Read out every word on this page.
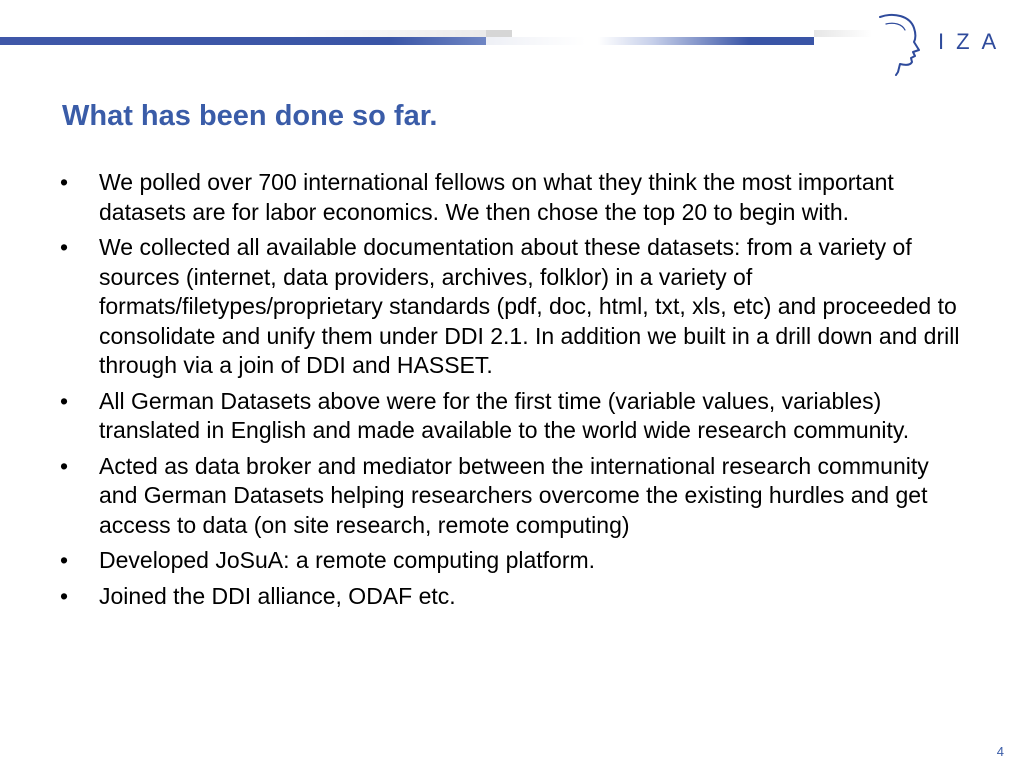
IZA
What has been done so far.
• We polled over 700 international fellows on what they think the most important datasets are for labor economics. We then chose the top 20 to begin with.
• We collected all available documentation about these datasets: from a variety of sources (internet, data providers, archives, folklor) in a variety of formats/filetypes/proprietary standards (pdf, doc, html, txt, xls, etc) and proceeded to consolidate and unify them under DDI 2.1. In addition we built in a drill down and drill through via a join of DDI and HASSET.
• All German Datasets above were for the first time (variable values, variables) translated in English and made available to the world wide research community.
• Acted as data broker and mediator between the international research community and German Datasets helping researchers overcome the existing hurdles and get access to data (on site research, remote computing)
• Developed JoSuA: a remote computing platform.
• Joined the DDI alliance, ODAF etc.
4
